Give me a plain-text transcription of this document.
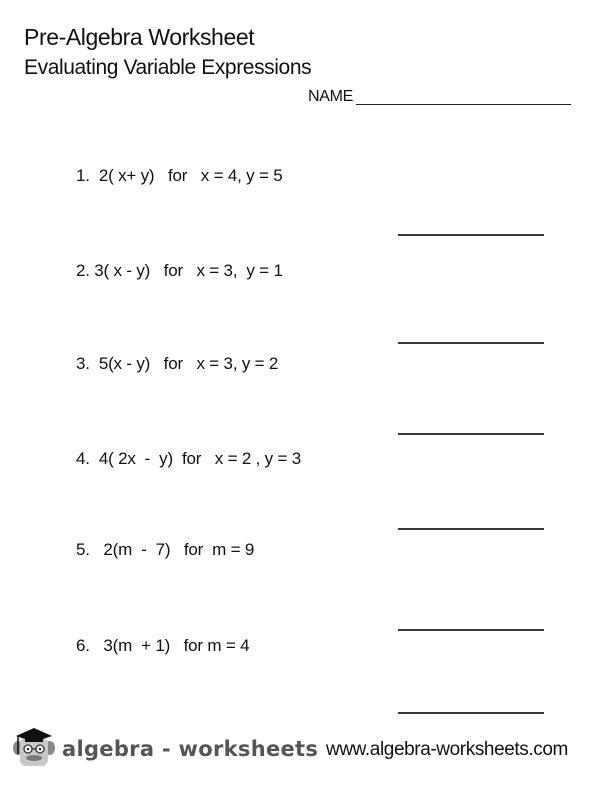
Pre-Algebra Worksheet
Evaluating Variable Expressions
NAME
1.  2( x+ y)   for   x = 4, y = 5
2. 3( x - y)   for   x = 3,  y = 1
3.  5(x - y)   for   x = 3, y = 2
4.  4( 2x  -  y)  for   x = 2 , y = 3
5.   2(m  -  7)   for  m = 9
6.   3(m  + 1)   for m = 4
algebra - worksheets www.algebra-worksheets.com
